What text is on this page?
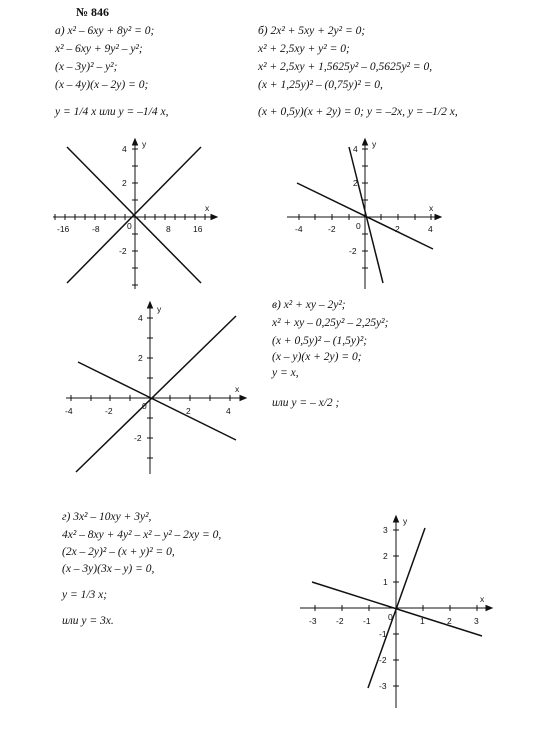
№ 846
а) x² – 6xy + 8y² = 0;
x² – 6xy + 9y² – y²;
(x – 3y)² – y²;
(x – 4y)(x – 2y) = 0;
y = 1/4 x или y = –1/4 x,
б) 2x² + 5xy + 2y² = 0;
x² + 2,5xy + y² = 0;
x² + 2,5xy + 1,5625y² – 0,5625y² = 0,
(x + 1,25y)² – (0,75y)² = 0,
(x + 0,5y)(x + 2y) = 0; y = –2x, y = –1/2 x,
-16	-8	8	16
4
2
-2
0
x
y
-4	-2	2	4
4
2
-2
0
x
y
-4	-2	2	4
4
2
-2
0
x
y	в) x² + xy – 2y²;
x² + xy – 0,25y² – 2,25y²;
(x + 0,5y)² – (1,5y)²;
(x – y)(x + 2y) = 0;
y = x,
или y = – x/2 ;
г) 3x² – 10xy + 3y²,
4x² – 8xy + 4y² – x² – y² – 2xy = 0,
(2x – 2y)² – (x + y)² = 0,
(x – 3y)(3x – y) = 0,
y = 1/3 x;
или y = 3x.	-3 -2 -1	1	2	3
3
2
1
-1
-2
-3
0
x
y
